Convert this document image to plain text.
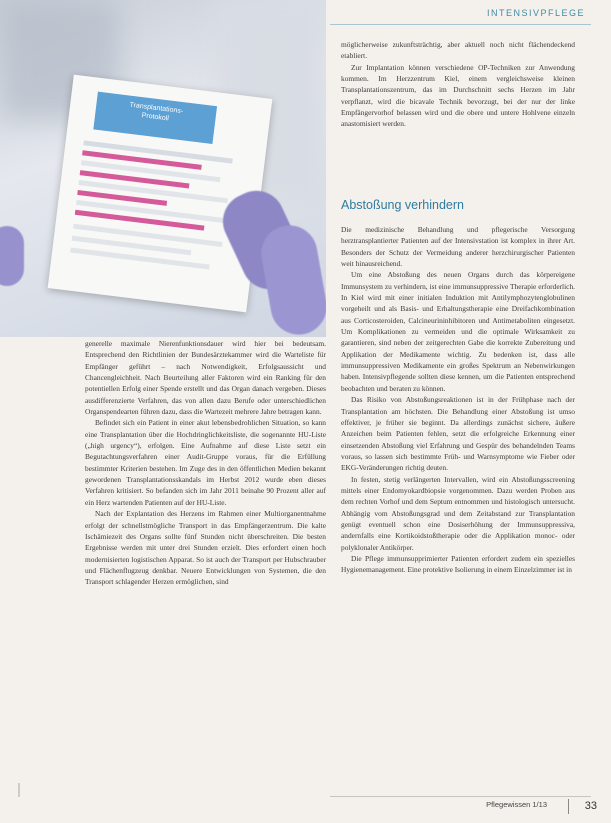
INTENSIVPFLEGE
Transplantations-
Protokoll

generelle maximale Nierenfunktionsdauer wird hier bei bedeutsam. Entsprechend den Richtlinien der Bundesärztekammer wird die Warteliste für Empfänger geführt – nach Notwendigkeit, Erfolgsaussicht und Chancengleichheit. Nach Beurteilung aller Faktoren wird ein Ranking für den potentiellen Erfolg einer Spende erstellt und das Organ danach vergeben. Dieses ausdifferenzierte Verfahren, das von allen dazu Berufe oder unterschiedlichen Organspendearten führen dazu, dass die Wartezeit mehrere Jahre betragen kann.

Befindet sich ein Patient in einer akut lebensbedrohlichen Situation, so kann eine Transplantation über die Hochdringlichkeitsliste, die sogenannte HU-Liste („high urgency“), erfolgen. Eine Aufnahme auf diese Liste setzt ein Begutachtungsverfahren einer Audit-Gruppe voraus, für die Erfüllung bestimmter Kriterien bestehen. Im Zuge des in den öffentlichen Medien bekannt gewordenen Transplantationsskandals im Herbst 2012 wurde eben dieses Verfahren kritisiert. So befanden sich im Jahr 2011 beinahe 90 Prozent aller auf ein Herz wartenden Patienten auf der HU-Liste.

Nach der Explantation des Herzens im Rahmen einer Multiorganentnahme erfolgt der schnellstmögliche Transport in das Empfängerzentrum. Die kalte Ischämiezeit des Organs sollte fünf Stunden nicht überschreiten. Die besten Ergebnisse werden mit unter drei Stunden erzielt. Dies erfordert einen hoch modernisierten logistischen Apparat. So ist auch der Transport per Hubschrauber und Flächenflugzeug denkbar. Neuere Entwicklungen von Systemen, die den Transport schlagender Herzen ermöglichen, sind

möglicherweise zukunftsträchtig, aber aktuell noch nicht flächendeckend etabliert.

Zur Implantation können verschiedene OP-Techniken zur Anwendung kommen. Im Herzzentrum Kiel, einem vergleichsweise kleinen Transplantationszentrum, das im Durchschnitt sechs Herzen im Jahr verpflanzt, wird die bicavale Technik bevorzugt, bei der nur der linke Empfängervorhof belassen wird und die obere und untere Hohlvene einzeln anastomisiert werden.

Abstoßung verhindern

Die medizinische Behandlung und pflegerische Versorgung herztransplantierter Patienten auf der Intensivstation ist komplex in ihrer Art. Besonders der Schutz der Vermeidung anderer herzchirurgischer Patienten weit hinausreichend.

Um eine Abstoßung des neuen Organs durch das körpereigene Immunsystem zu verhindern, ist eine immunsuppressive Therapie erforderlich. In Kiel wird mit einer initialen Induktion mit Antilymphozytenglobulinen vorgeheilt und als Basis- und Erhaltungstherapie eine Dreifachkombination aus Corticosteroiden, Calcineurininhibitoren und Antimetaboliten eingesetzt. Um Komplikationen zu vermeiden und die optimale Wirksamkeit zu garantieren, sind neben der zeitgerechten Gabe die korrekte Zubereitung und Applikation der Medikamente wichtig. Zu bedenken ist, dass alle immunsuppressiven Medikamente ein großes Spektrum an Nebenwirkungen haben. Intensivpflegende sollten diese kennen, um die Patienten entsprechend beobachten und beraten zu können.

Das Risiko von Abstoßungsreaktionen ist in der Frühphase nach der Transplantation am höchsten. Die Behandlung einer Abstoßung ist umso effektiver, je früher sie beginnt. Da allerdings zunächst sichere, äußere Anzeichen beim Patienten fehlen, setzt die erfolgreiche Erkennung einer einsetzenden Abstoßung viel Erfahrung und Gespür des behandelnden Teams voraus, so lassen sich bestimmte Früh- und Warnsymptome wie Fieber oder EKG-Veränderungen richtig deuten.

In festen, stetig verlängerten Intervallen, wird ein Abstoßungsscreening mittels einer Endomyokardbiopsie vorgenommen. Dazu werden Proben aus dem rechten Vorhof und dem Septum entnommen und histologisch untersucht. Abhängig vom Abstoßungsgrad und dem Zeitabstand zur Transplantation genügt eventuell schon eine Dosiserhöhung der Immunsuppressiva, andernfalls eine Kortikoidstoßtherapie oder die Applikation monoc- oder polyklonaler Antikörper.

Die Pflege immunsupprimierter Patienten erfordert zudem ein spezielles Hygienemanagement. Eine protektive Isolierung in einem Einzelzimmer ist in

Pflegewissen 1/13	33
